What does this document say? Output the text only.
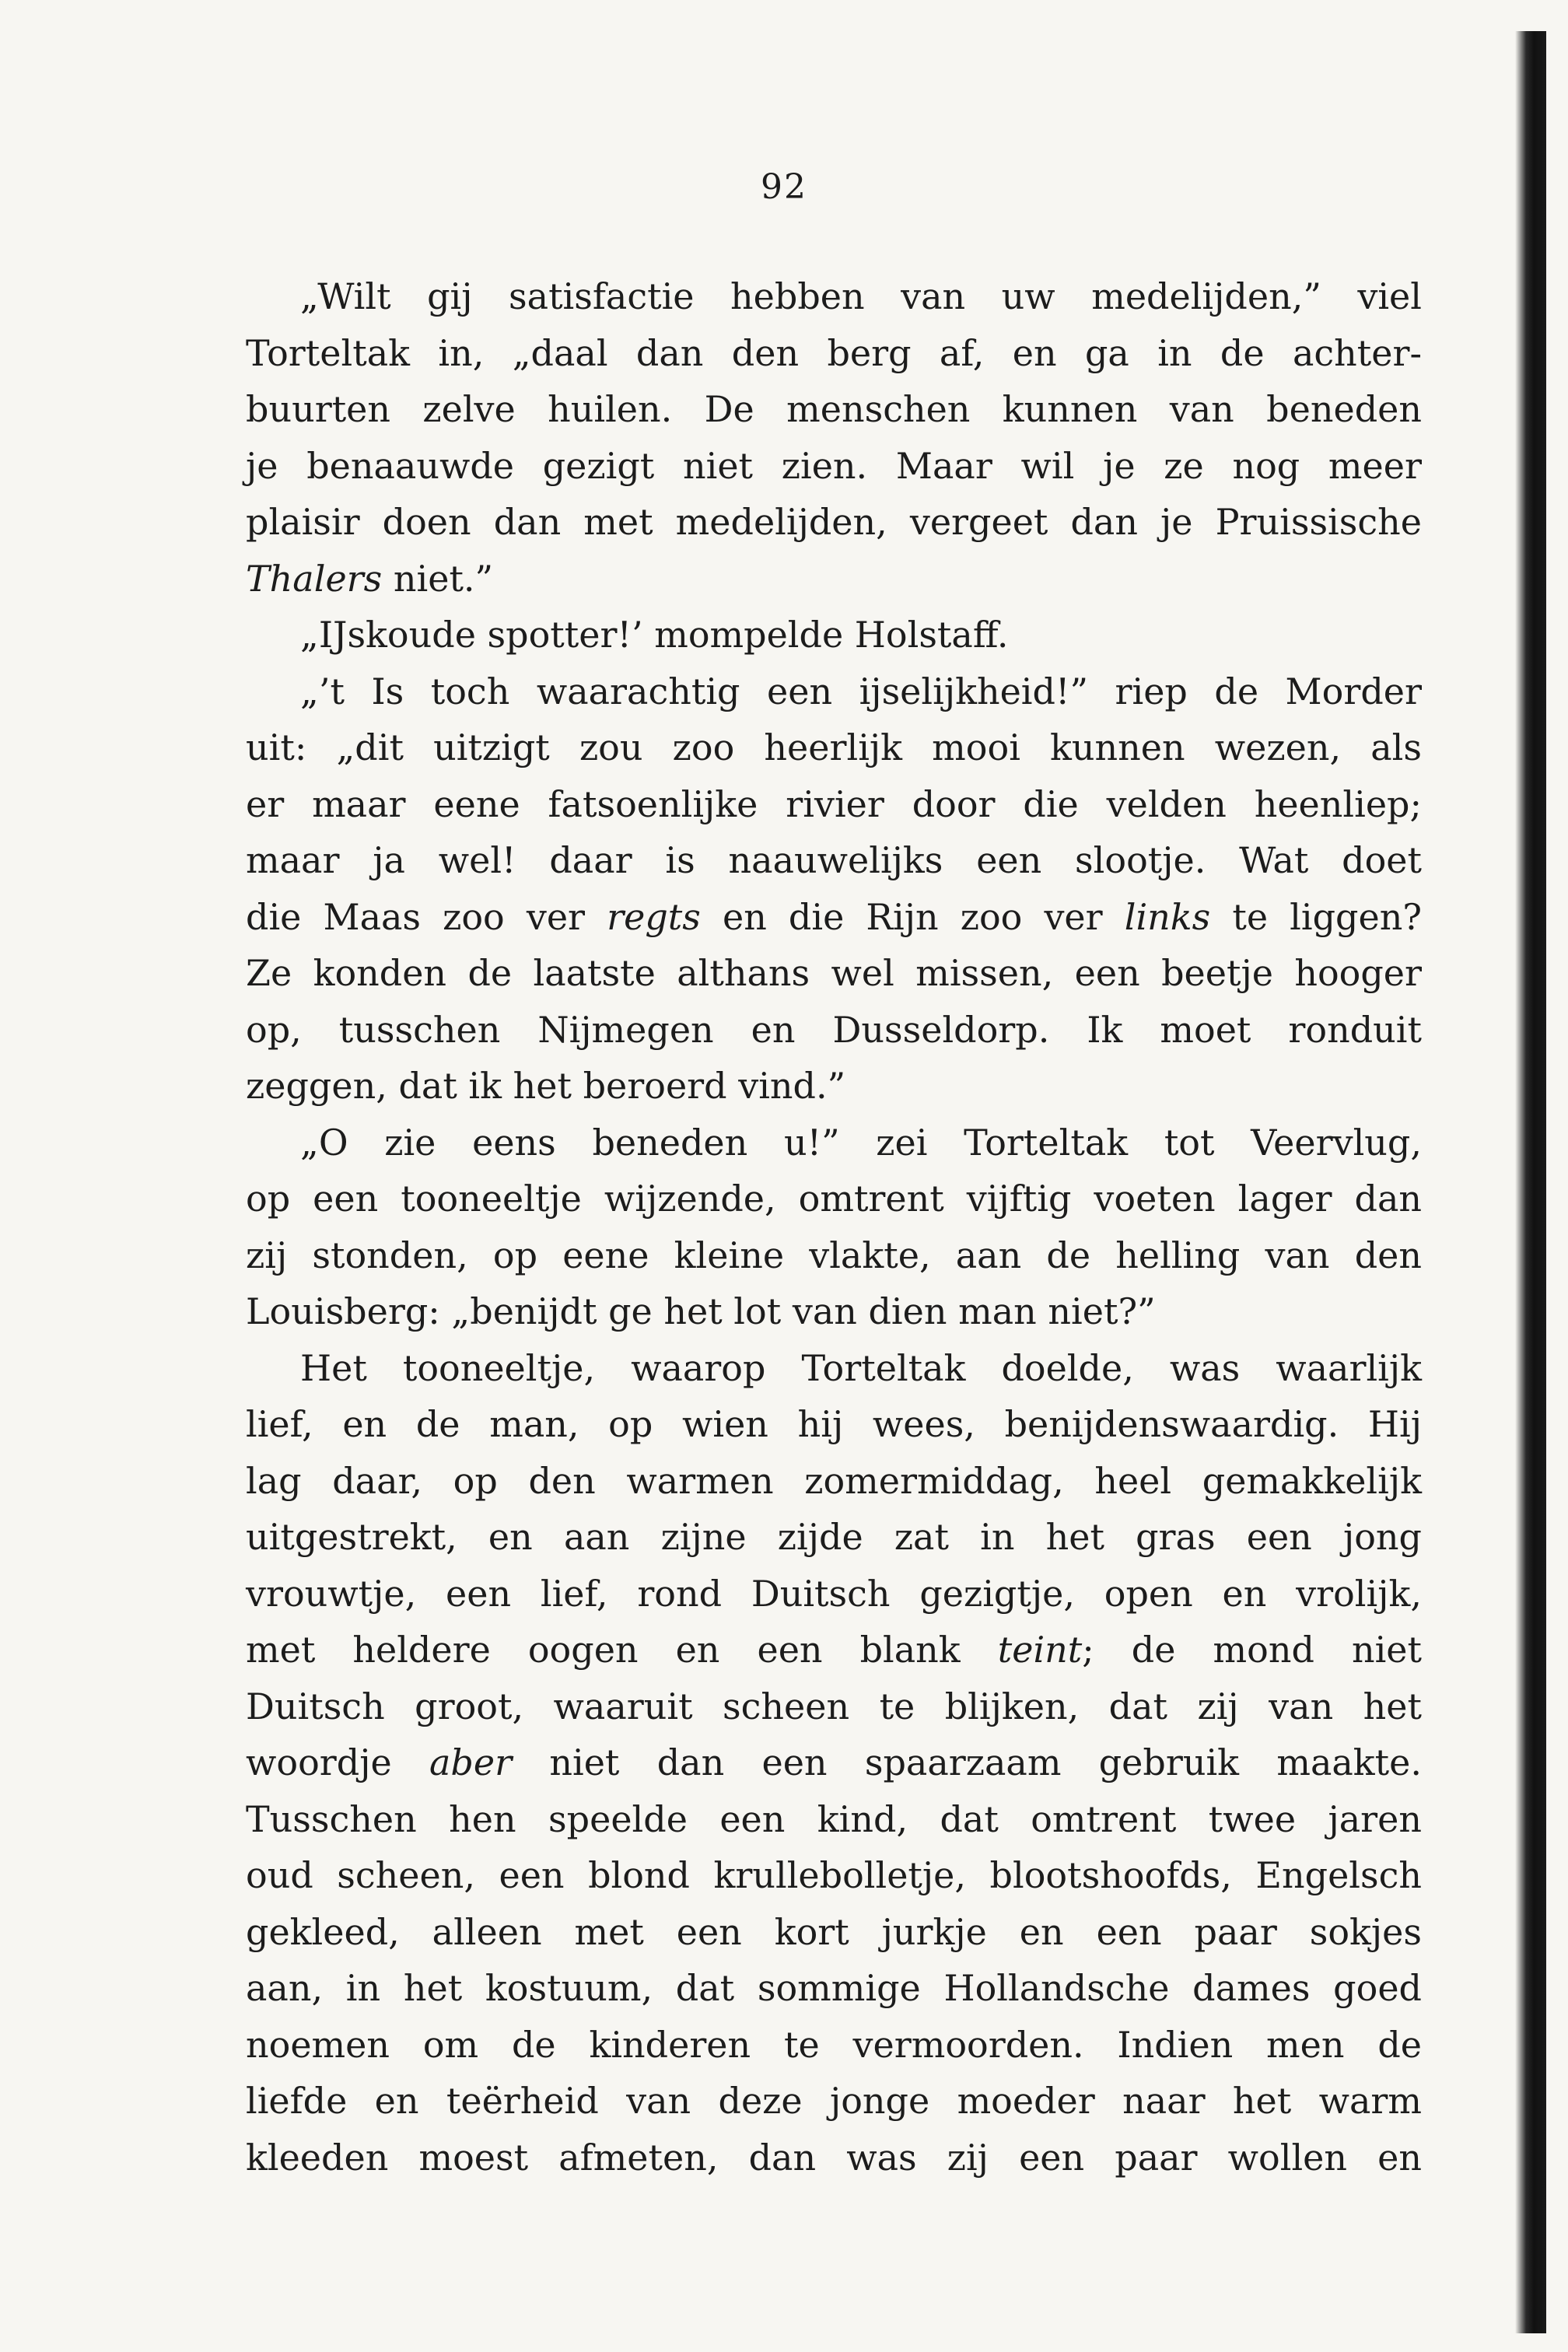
92
„Wilt gij satisfactie hebben van uw medelijden,” viel
Torteltak in, „daal dan den berg af, en ga in de achter-
buurten zelve huilen. De menschen kunnen van beneden
je benaauwde gezigt niet zien. Maar wil je ze nog meer
plaisir doen dan met medelijden, vergeet dan je Pruissische
Thalers niet.”
„IJskoude spotter!’ mompelde Holstaff.
„’t Is toch waarachtig een ijselijkheid!” riep de Morder
uit: „dit uitzigt zou zoo heerlijk mooi kunnen wezen, als
er maar eene fatsoenlijke rivier door die velden heenliep;
maar ja wel! daar is naauwelijks een slootje. Wat doet
die Maas zoo ver regts en die Rijn zoo ver links te liggen?
Ze konden de laatste althans wel missen, een beetje hooger
op, tusschen Nijmegen en Dusseldorp. Ik moet ronduit
zeggen, dat ik het beroerd vind.”
„O zie eens beneden u!” zei Torteltak tot Veervlug,
op een tooneeltje wijzende, omtrent vijftig voeten lager dan
zij stonden, op eene kleine vlakte, aan de helling van den
Louisberg: „benijdt ge het lot van dien man niet?”
Het tooneeltje, waarop Torteltak doelde, was waarlijk
lief, en de man, op wien hij wees, benijdenswaardig. Hij
lag daar, op den warmen zomermiddag, heel gemakkelijk
uitgestrekt, en aan zijne zijde zat in het gras een jong
vrouwtje, een lief, rond Duitsch gezigtje, open en vrolijk,
met heldere oogen en een blank teint; de mond niet
Duitsch groot, waaruit scheen te blijken, dat zij van het
woordje aber niet dan een spaarzaam gebruik maakte.
Tusschen hen speelde een kind, dat omtrent twee jaren
oud scheen, een blond krullebolletje, blootshoofds, Engelsch
gekleed, alleen met een kort jurkje en een paar sokjes
aan, in het kostuum, dat sommige Hollandsche dames goed
noemen om de kinderen te vermoorden. Indien men de
liefde en teërheid van deze jonge moeder naar het warm
kleeden moest afmeten, dan was zij een paar wollen en
